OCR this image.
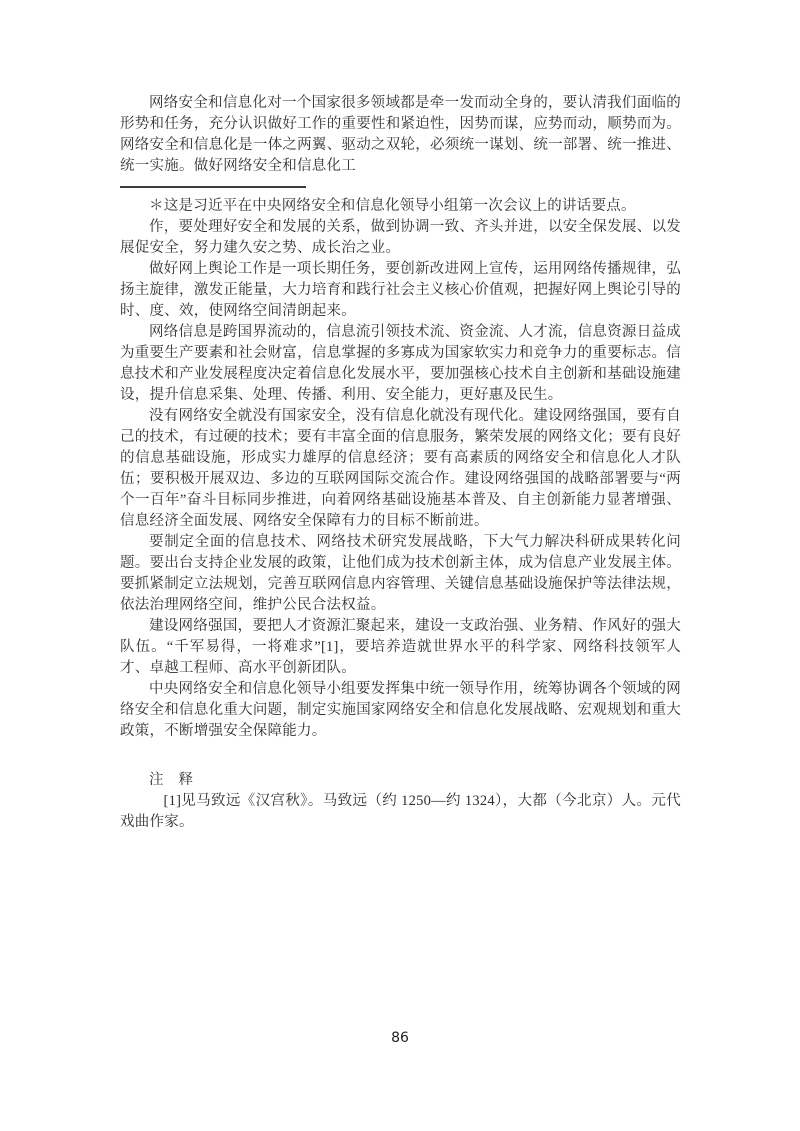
网络安全和信息化对一个国家很多领域都是牵一发而动全身的，要认清我们面临的形势和任务，充分认识做好工作的重要性和紧迫性，因势而谋，应势而动，顺势而为。网络安全和信息化是一体之两翼、驱动之双轮，必须统一谋划、统一部署、统一推进、统一实施。做好网络安全和信息化工

＊这是习近平在中央网络安全和信息化领导小组第一次会议上的讲话要点。

作，要处理好安全和发展的关系，做到协调一致、齐头并进，以安全保发展、以发展促安全，努力建久安之势、成长治之业。

做好网上舆论工作是一项长期任务，要创新改进网上宣传，运用网络传播规律，弘扬主旋律，激发正能量，大力培育和践行社会主义核心价值观，把握好网上舆论引导的时、度、效，使网络空间清朗起来。

网络信息是跨国界流动的，信息流引领技术流、资金流、人才流，信息资源日益成为重要生产要素和社会财富，信息掌握的多寡成为国家软实力和竞争力的重要标志。信息技术和产业发展程度决定着信息化发展水平，要加强核心技术自主创新和基础设施建设，提升信息采集、处理、传播、利用、安全能力，更好惠及民生。

没有网络安全就没有国家安全，没有信息化就没有现代化。建设网络强国，要有自己的技术，有过硬的技术；要有丰富全面的信息服务，繁荣发展的网络文化；要有良好的信息基础设施，形成实力雄厚的信息经济；要有高素质的网络安全和信息化人才队伍；要积极开展双边、多边的互联网国际交流合作。建设网络强国的战略部署要与“两个一百年”奋斗目标同步推进，向着网络基础设施基本普及、自主创新能力显著增强、信息经济全面发展、网络安全保障有力的目标不断前进。

要制定全面的信息技术、网络技术研究发展战略，下大气力解决科研成果转化问题。要出台支持企业发展的政策，让他们成为技术创新主体，成为信息产业发展主体。要抓紧制定立法规划，完善互联网信息内容管理、关键信息基础设施保护等法律法规，依法治理网络空间，维护公民合法权益。

建设网络强国，要把人才资源汇聚起来，建设一支政治强、业务精、作风好的强大队伍。“千军易得，一将难求”[1]，要培养造就世界水平的科学家、网络科技领军人才、卓越工程师、高水平创新团队。

中央网络安全和信息化领导小组要发挥集中统一领导作用，统筹协调各个领域的网络安全和信息化重大问题，制定实施国家网络安全和信息化发展战略、宏观规划和重大政策，不断增强安全保障能力。

注　释

[1]见马致远《汉宫秋》。马致远（约 1250—约 1324），大都（今北京）人。元代戏曲作家。

86
